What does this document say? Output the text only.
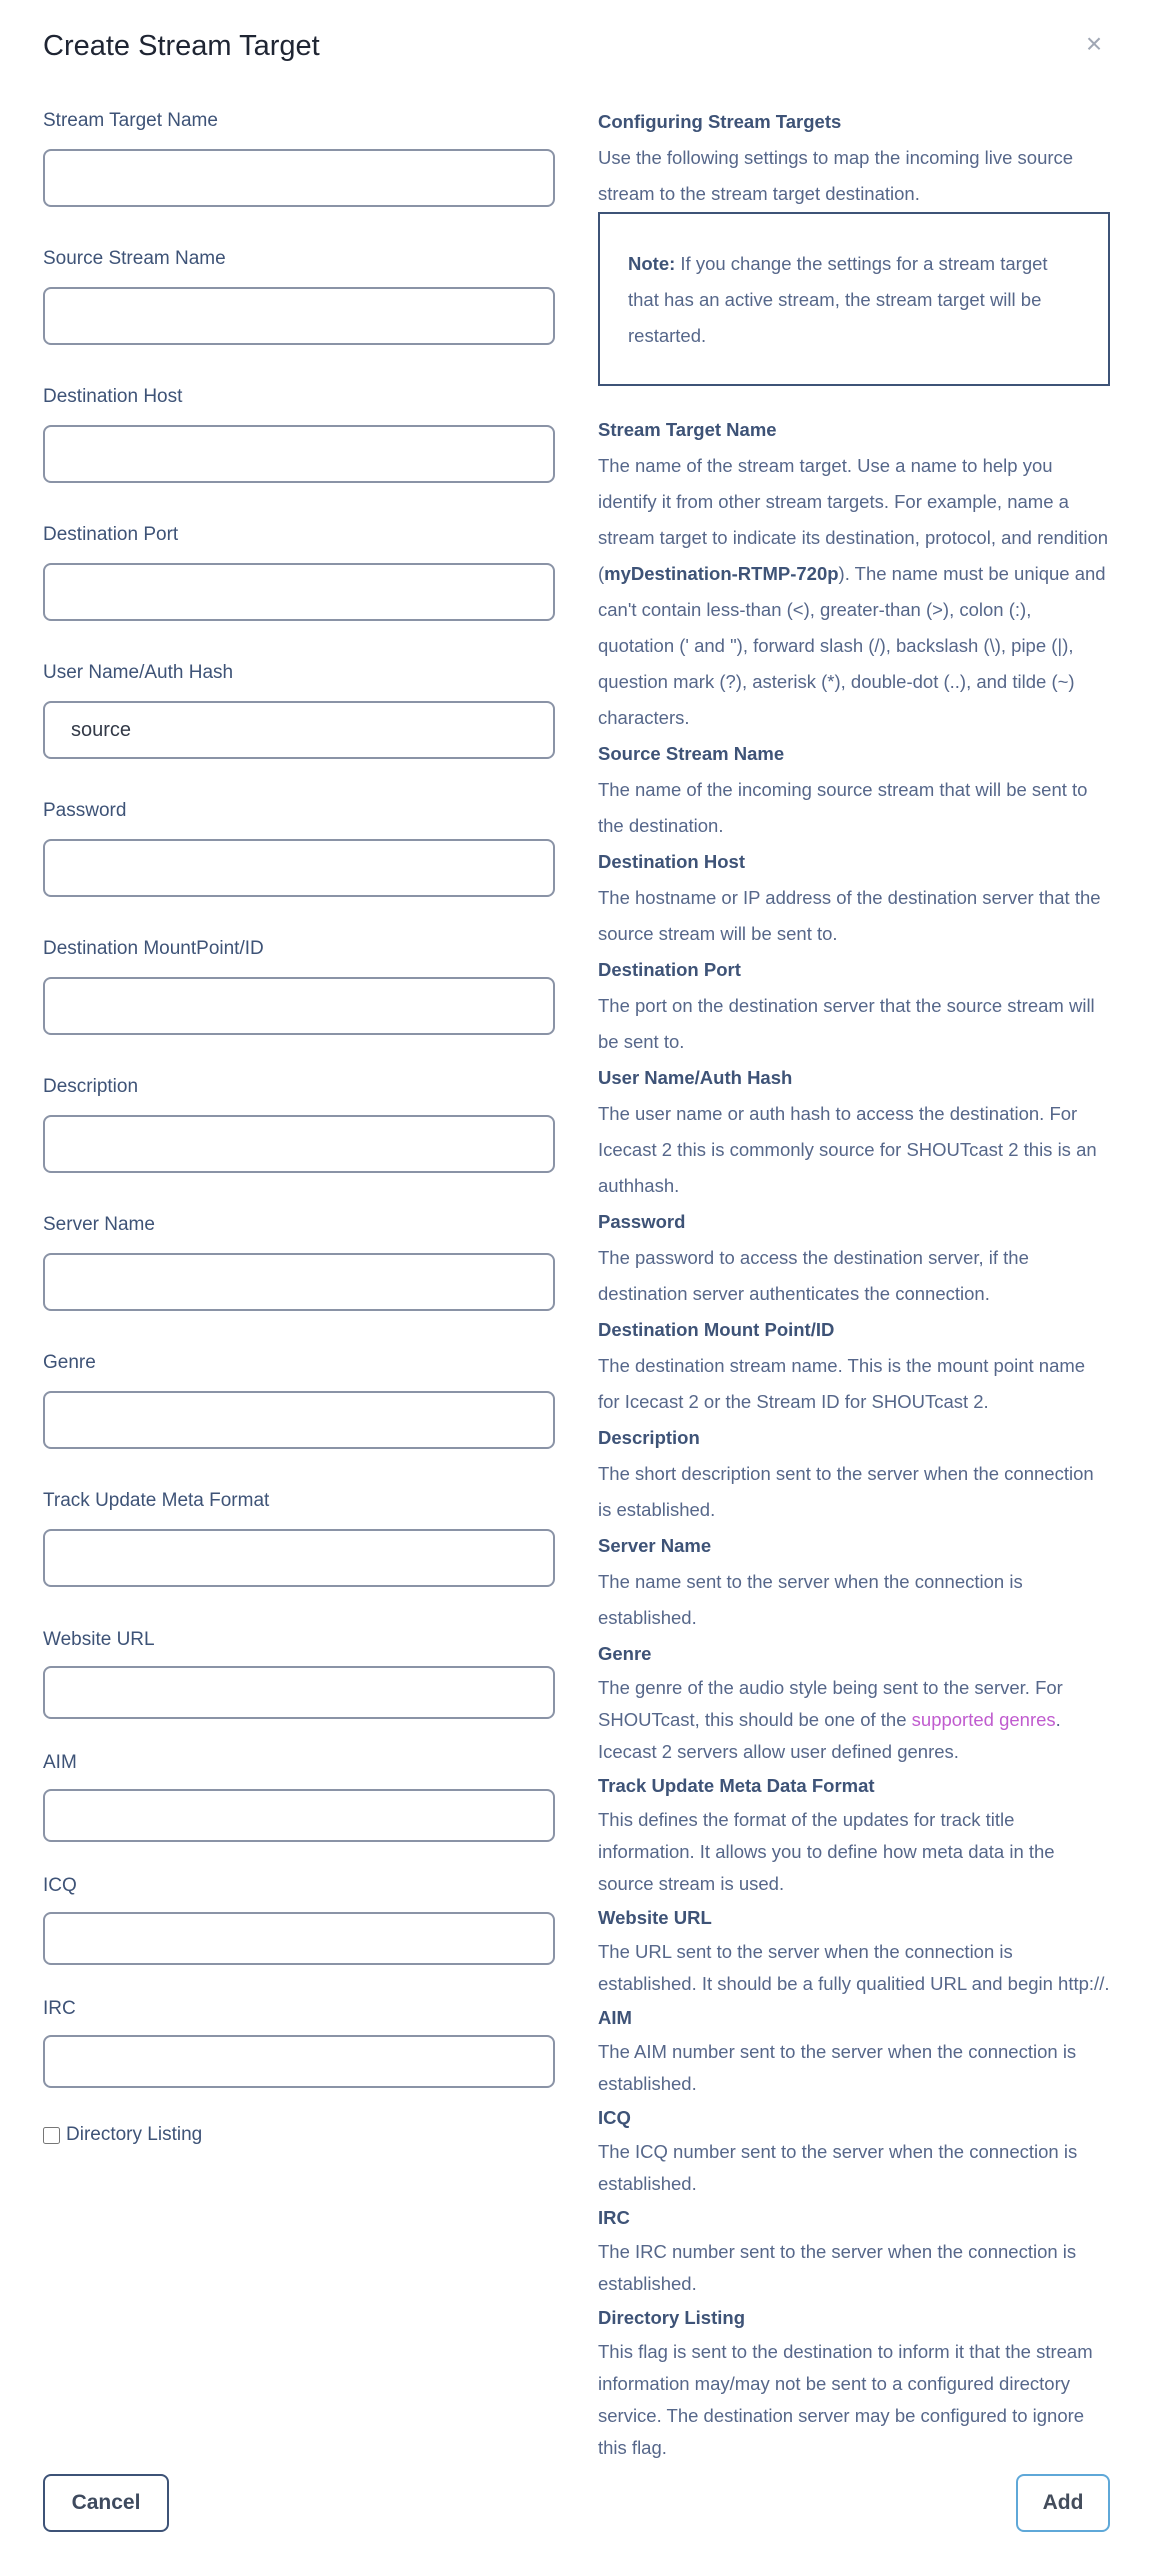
Create Stream Target	×
Stream Target Name
Source Stream Name
Destination Host
Destination Port
User Name/Auth Hash
source
Password
Destination MountPoint/ID
Description
Server Name
Genre
Track Update Meta Format
Website URL
AIM
ICQ
IRC
Directory Listing
Configuring Stream Targets
Use the following settings to map the incoming live source stream to the stream target destination.
Note: If you change the settings for a stream target that has an active stream, the stream target will be restarted.
Stream Target Name
The name of the stream target. Use a name to help you identify it from other stream targets. For example, name a stream target to indicate its destination, protocol, and rendition (myDestination-RTMP-720p). The name must be unique and can't contain less-than (<), greater-than (>), colon (:), quotation (' and "), forward slash (/), backslash (\), pipe (|), question mark (?), asterisk (*), double-dot (..), and tilde (~) characters.
Source Stream Name
The name of the incoming source stream that will be sent to the destination.
Destination Host
The hostname or IP address of the destination server that the source stream will be sent to.
Destination Port
The port on the destination server that the source stream will be sent to.
User Name/Auth Hash
The user name or auth hash to access the destination. For Icecast 2 this is commonly source for SHOUTcast 2 this is an authhash.
Password
The password to access the destination server, if the destination server authenticates the connection.
Destination Mount Point/ID
The destination stream name. This is the mount point name for Icecast 2 or the Stream ID for SHOUTcast 2.
Description
The short description sent to the server when the connection is established.
Server Name
The name sent to the server when the connection is established.
Genre
The genre of the audio style being sent to the server. For SHOUTcast, this should be one of the supported genres. Icecast 2 servers allow user defined genres.
Track Update Meta Data Format
This defines the format of the updates for track title information. It allows you to define how meta data in the source stream is used.
Website URL
The URL sent to the server when the connection is established. It should be a fully qualitied URL and begin http://.
AIM
The AIM number sent to the server when the connection is established.
ICQ
The ICQ number sent to the server when the connection is established.
IRC
The IRC number sent to the server when the connection is established.
Directory Listing
This flag is sent to the destination to inform it that the stream information may/may not be sent to a configured directory service. The destination server may be configured to ignore this flag.
Cancel	Add
